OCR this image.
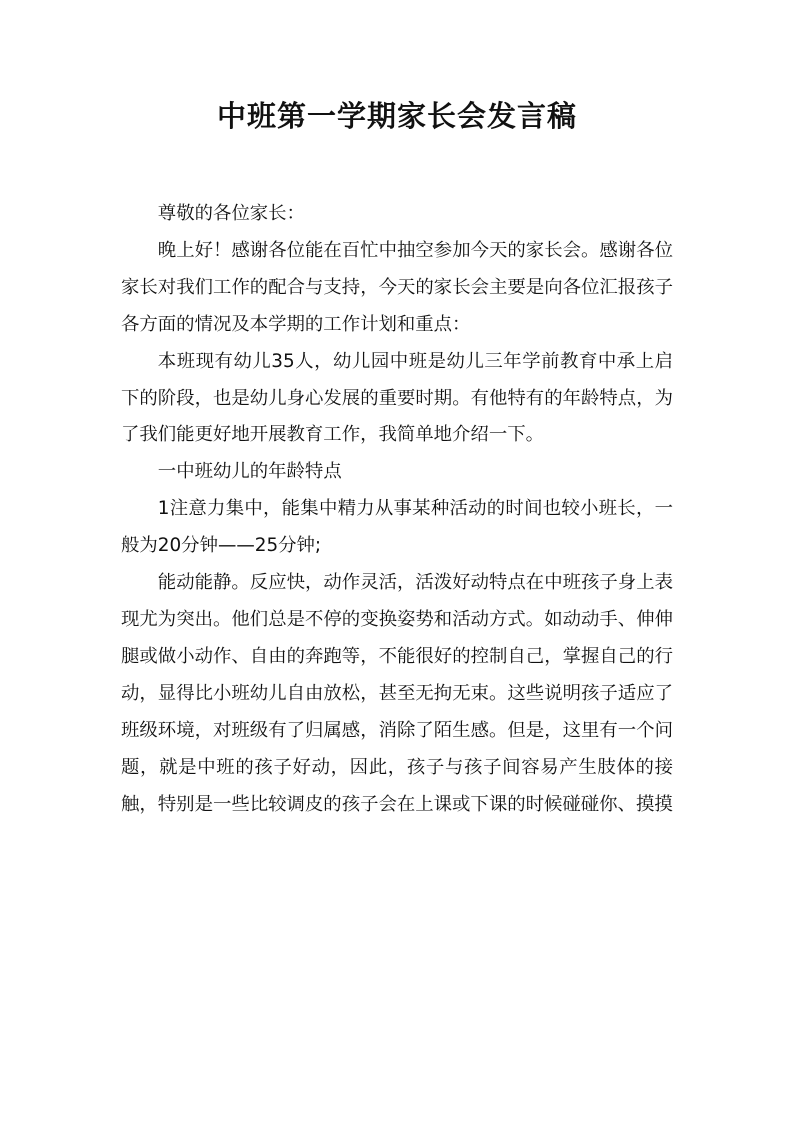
中班第一学期家长会发言稿

尊敬的各位家长：

晚上好！感谢各位能在百忙中抽空参加今天的家长会。感谢各位家长对我们工作的配合与支持，今天的家长会主要是向各位汇报孩子各方面的情况及本学期的工作计划和重点：

本班现有幼儿35人，幼儿园中班是幼儿三年学前教育中承上启下的阶段，也是幼儿身心发展的重要时期。有他特有的年龄特点，为了我们能更好地开展教育工作，我简单地介绍一下。

一中班幼儿的年龄特点

1注意力集中，能集中精力从事某种活动的时间也较小班长，一般为20分钟——25分钟;

能动能静。反应快，动作灵活，活泼好动特点在中班孩子身上表现尤为突出。他们总是不停的变换姿势和活动方式。如动动手、伸伸腿或做小动作、自由的奔跑等，不能很好的控制自己，掌握自己的行动，显得比小班幼儿自由放松，甚至无拘无束。这些说明孩子适应了班级环境，对班级有了归属感，消除了陌生感。但是，这里有一个问题，就是中班的孩子好动，因此，孩子与孩子间容易产生肢体的接触，特别是一些比较调皮的孩子会在上课或下课的时候碰碰你、摸摸
